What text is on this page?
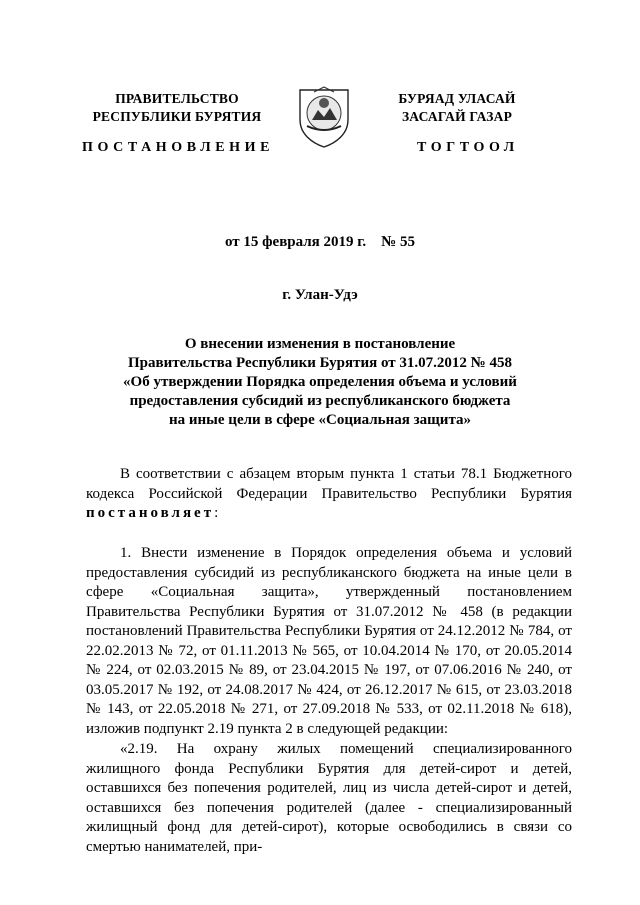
ПРАВИТЕЛЬСТВО
РЕСПУБЛИКИ БУРЯТИЯ
БУРЯАД УЛАСАЙ
ЗАСАГАЙ ГАЗАР
ПОСТАНОВЛЕНИЕ	ТОГТООЛ
от 15 февраля 2019 г. № 55
г. Улан-Удэ
О внесении изменения в постановление
Правительства Республики Бурятия от 31.07.2012 № 458
«Об утверждении Порядка определения объема и условий
предоставления субсидий из республиканского бюджета
на иные цели в сфере «Социальная защита»

В соответствии с абзацем вторым пункта 1 статьи 78.1 Бюджетного кодекса Российской Федерации Правительство Республики Бурятия постановляет:

1. Внести изменение в Порядок определения объема и условий предоставления субсидий из республиканского бюджета на иные цели в сфере «Социальная защита», утвержденный постановлением Правительства Республики Бурятия от 31.07.2012 № 458 (в редакции постановлений Правительства Республики Бурятия от 24.12.2012 № 784, от 22.02.2013 № 72, от 01.11.2013 № 565, от 10.04.2014 № 170, от 20.05.2014 № 224, от 02.03.2015 № 89, от 23.04.2015 № 197, от 07.06.2016 № 240, от 03.05.2017 № 192, от 24.08.2017 № 424, от 26.12.2017 № 615, от 23.03.2018 № 143, от 22.05.2018 № 271, от 27.09.2018 № 533, от 02.11.2018 № 618), изложив подпункт 2.19 пункта 2 в следующей редакции:

«2.19. На охрану жилых помещений специализированного жилищного фонда Республики Бурятия для детей-сирот и детей, оставшихся без попечения родителей, лиц из числа детей-сирот и детей, оставшихся без попечения родителей (далее - специализированный жилищный фонд для детей-сирот), которые освободились в связи со смертью нанимателей, при-
